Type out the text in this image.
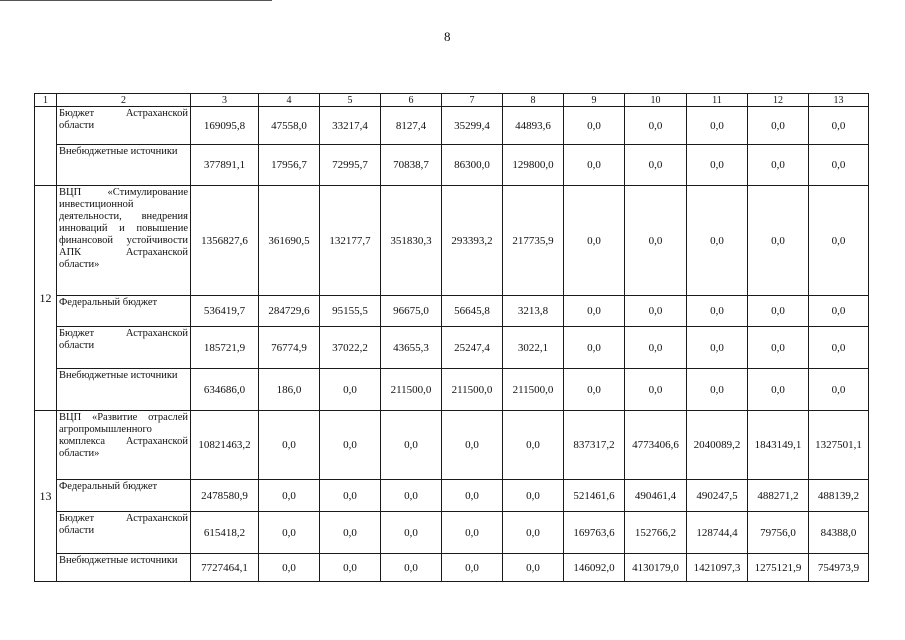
8
1	2	3	4	5	6	7	8	9	10	11	12	13
	Бюджет Астраханской области	169095,8	47558,0	33217,4	8127,4	35299,4	44893,6	0,0	0,0	0,0	0,0	0,0
	Внебюджетные источники	377891,1	17956,7	72995,7	70838,7	86300,0	129800,0	0,0	0,0	0,0	0,0	0,0
12	ВЦП «Стимулирование инвестиционной деятельности, внедрения инноваций и повышение финансовой устойчивости АПК Астраханской области»	1356827,6	361690,5	132177,7	351830,3	293393,2	217735,9	0,0	0,0	0,0	0,0	0,0
	Федеральный бюджет	536419,7	284729,6	95155,5	96675,0	56645,8	3213,8	0,0	0,0	0,0	0,0	0,0
	Бюджет Астраханской области	185721,9	76774,9	37022,2	43655,3	25247,4	3022,1	0,0	0,0	0,0	0,0	0,0
	Внебюджетные источники	634686,0	186,0	0,0	211500,0	211500,0	211500,0	0,0	0,0	0,0	0,0	0,0
13	ВЦП «Развитие отраслей агропромышленного комплекса Астраханской области»	10821463,2	0,0	0,0	0,0	0,0	0,0	837317,2	4773406,6	2040089,2	1843149,1	1327501,1
	Федеральный бюджет	2478580,9	0,0	0,0	0,0	0,0	0,0	521461,6	490461,4	490247,5	488271,2	488139,2
	Бюджет Астраханской области	615418,2	0,0	0,0	0,0	0,0	0,0	169763,6	152766,2	128744,4	79756,0	84388,0
	Внебюджетные источники	7727464,1	0,0	0,0	0,0	0,0	0,0	146092,0	4130179,0	1421097,3	1275121,9	754973,9
